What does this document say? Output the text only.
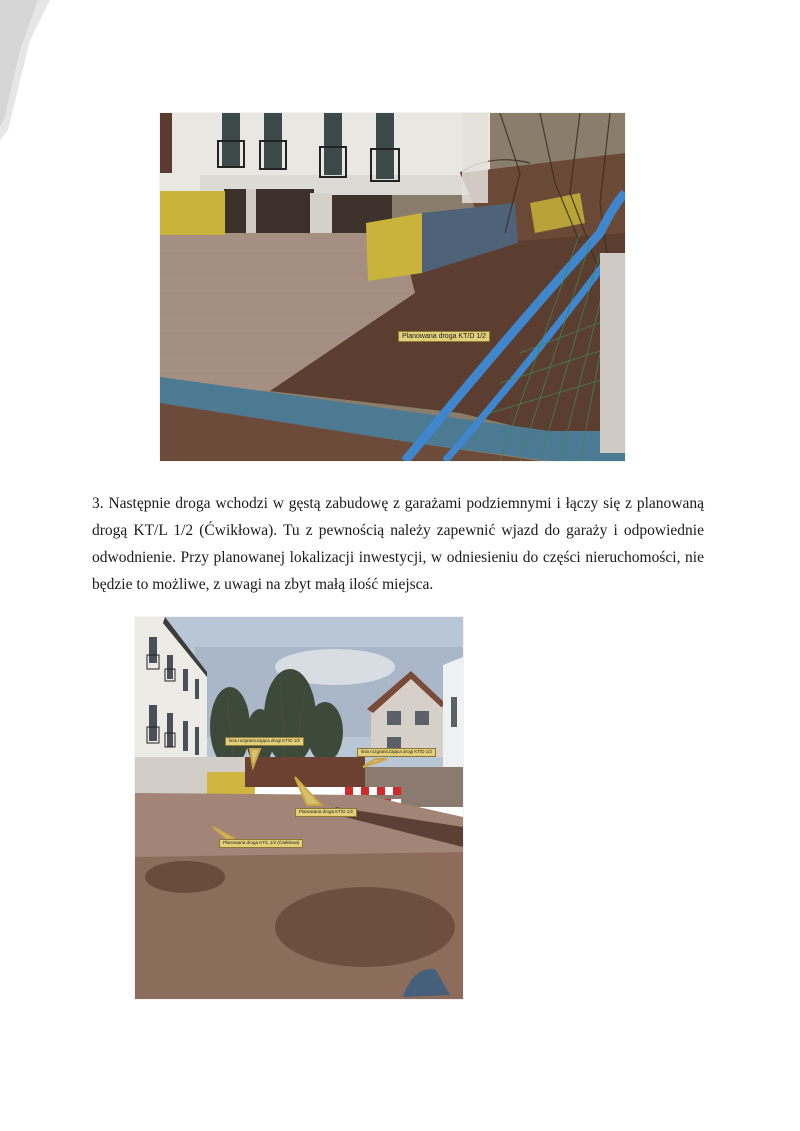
Planowana droga KT/D 1/2

3. Następnie droga wchodzi w gęstą zabudowę z garażami podziemnymi i łączy się z planowaną drogą KT/L 1/2 (Ćwikłowa). Tu z pewnością należy zapewnić wjazd do garaży i odpowiednie odwodnienie. Przy planowanej lokalizacji inwestycji, w odniesieniu do części nieruchomości, nie będzie to możliwe, z uwagi na zbyt małą ilość miejsca.

linia rozgraniczająca drogi KT/D 1/2
linia rozgraniczająca drogi KT/D 1/2
Planowana droga KT/D 1/2
Planowana droga KT/L 1/2 (Ćwikłowa)
